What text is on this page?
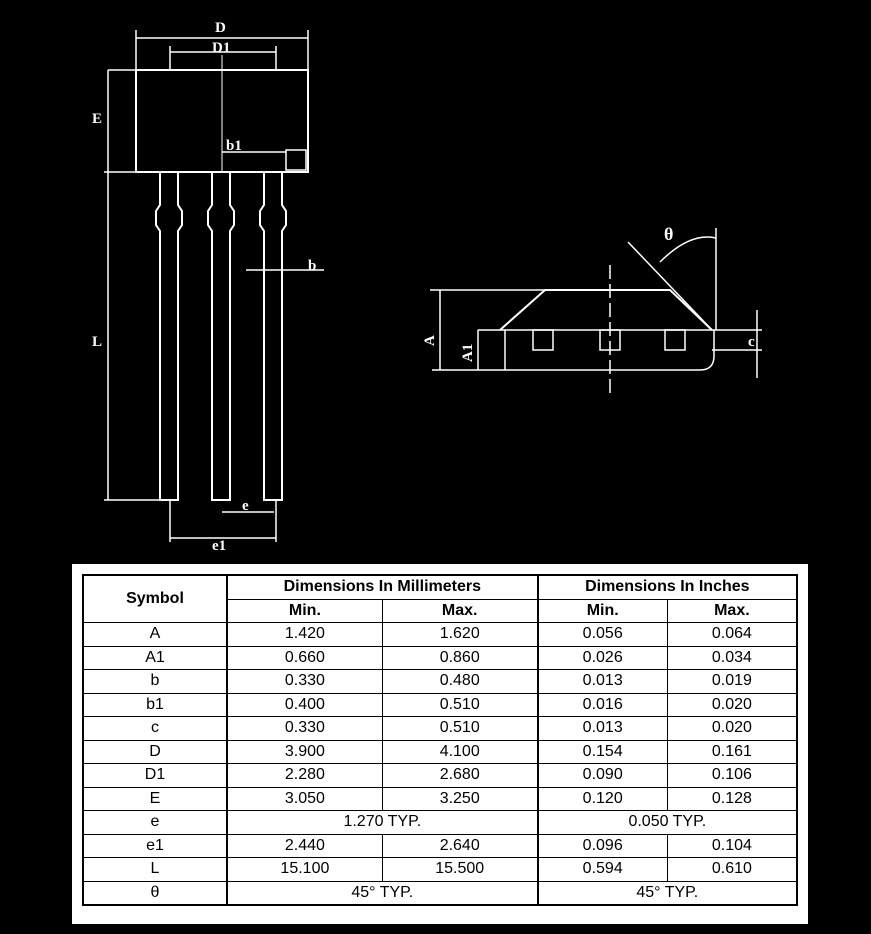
D
D1
E
b1
b
L
e
e1
θ
A
A1
c
Symbol	Dimensions In Millimeters		Dimensions In Inches	
	Min.	Max.	Min.	Max.
A	1.420	1.620	0.056	0.064
A1	0.660	0.860	0.026	0.034
b	0.330	0.480	0.013	0.019
b1	0.400	0.510	0.016	0.020
c	0.330	0.510	0.013	0.020
D	3.900	4.100	0.154	0.161
D1	2.280	2.680	0.090	0.106
E	3.050	3.250	0.120	0.128
e	1.270 TYP.		0.050 TYP.	
e1	2.440	2.640	0.096	0.104
L	15.100	15.500	0.594	0.610
θ	45° TYP.		45° TYP.	
